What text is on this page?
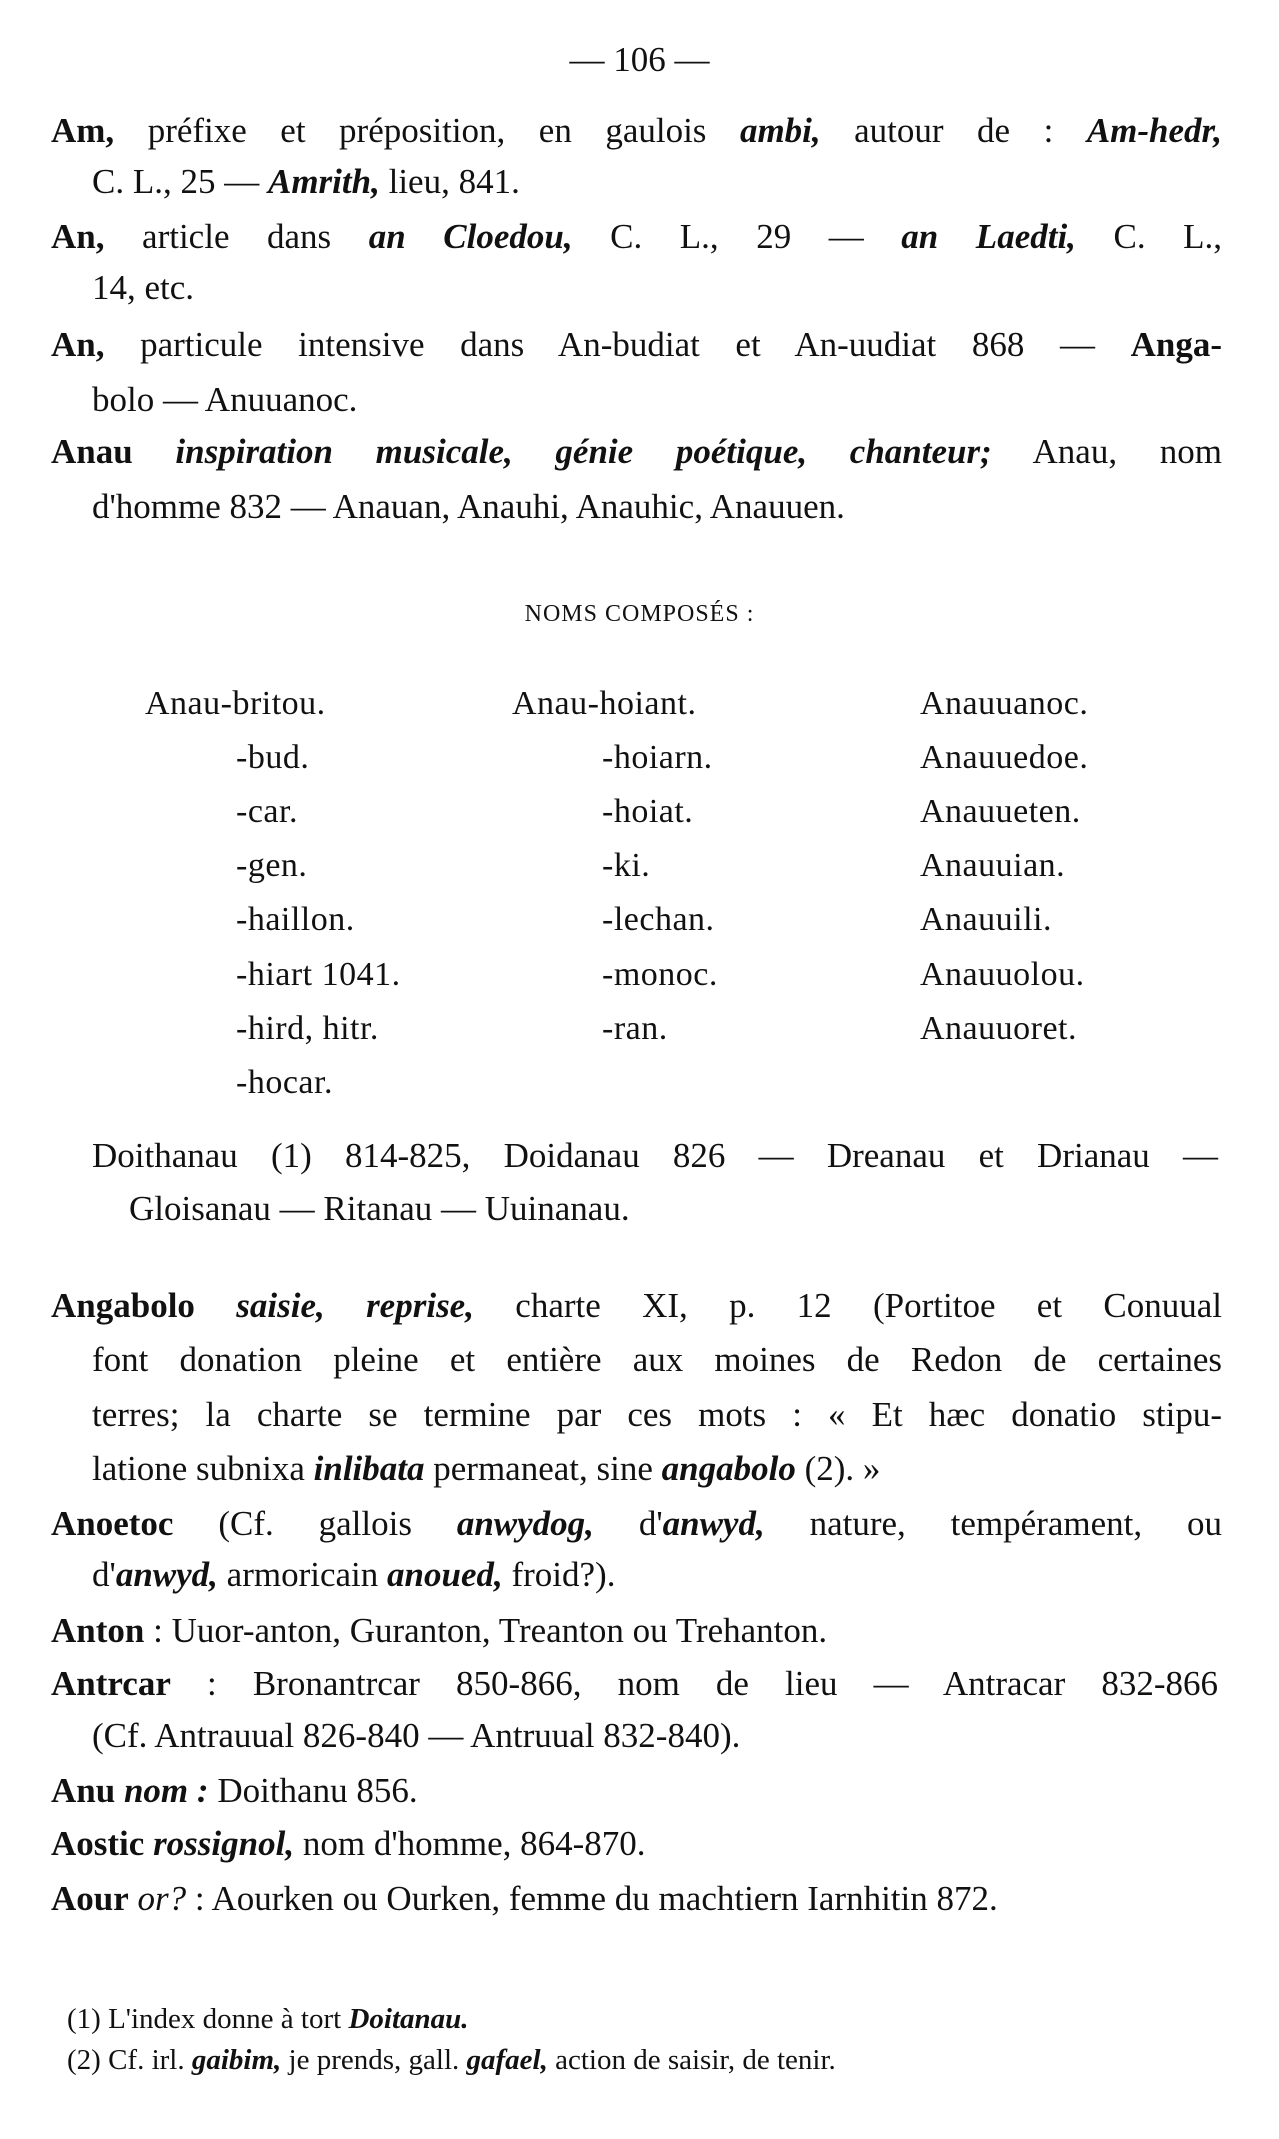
— 106 —
Am, préfixe et préposition, en gaulois ambi, autour de : Am-hedr,
C. L., 25 — Amrith, lieu, 841.
An, article dans an Cloedou, C. L., 29 — an Laedti, C. L.,
14, etc.
An, particule intensive dans An-budiat et An-uudiat 868 — Anga-
bolo — Anuuanoc.
Anau inspiration musicale, génie poétique, chanteur; Anau, nom
d'homme 832 — Anauan, Anauhi, Anauhic, Anauuen.
NOMS COMPOSÉS :
Doithanau (1) 814-825, Doidanau 826 — Dreanau et Drianau —
Gloisanau — Ritanau — Uuinanau.
Angabolo saisie, reprise, charte XI, p. 12 (Portitoe et Conuual
font donation pleine et entière aux moines de Redon de certaines
terres; la charte se termine par ces mots : « Et hæc donatio stipu-
latione subnixa inlibata permaneat, sine angabolo (2). »
Anoetoc (Cf. gallois anwydog, d'anwyd, nature, tempérament, ou
d'anwyd, armoricain anoued, froid?).
Anton : Uuor-anton, Guranton, Treanton ou Trehanton.
Antrcar : Bronantrcar 850-866, nom de lieu — Antracar 832-866
(Cf. Antrauual 826-840 — Antruual 832-840).
Anu nom : Doithanu 856.
Aostic rossignol, nom d'homme, 864-870.
Aour or? : Aourken ou Ourken, femme du machtiern Iarnhitin 872.
(1) L'index donne à tort Doitanau.
(2) Cf. irl. gaibim, je prends, gall. gafael, action de saisir, de tenir.
Anau-britou.
-bud.
-car.
-gen.
-haillon.
-hiart 1041.
-hird, hitr.
-hocar.
Anau-hoiant.
-hoiarn.
-hoiat.
-ki.
-lechan.
-monoc.
-ran.
Anauuanoc.
Anauuedoe.
Anauueten.
Anauuian.
Anauuili.
Anauuolou.
Anauuoret.
